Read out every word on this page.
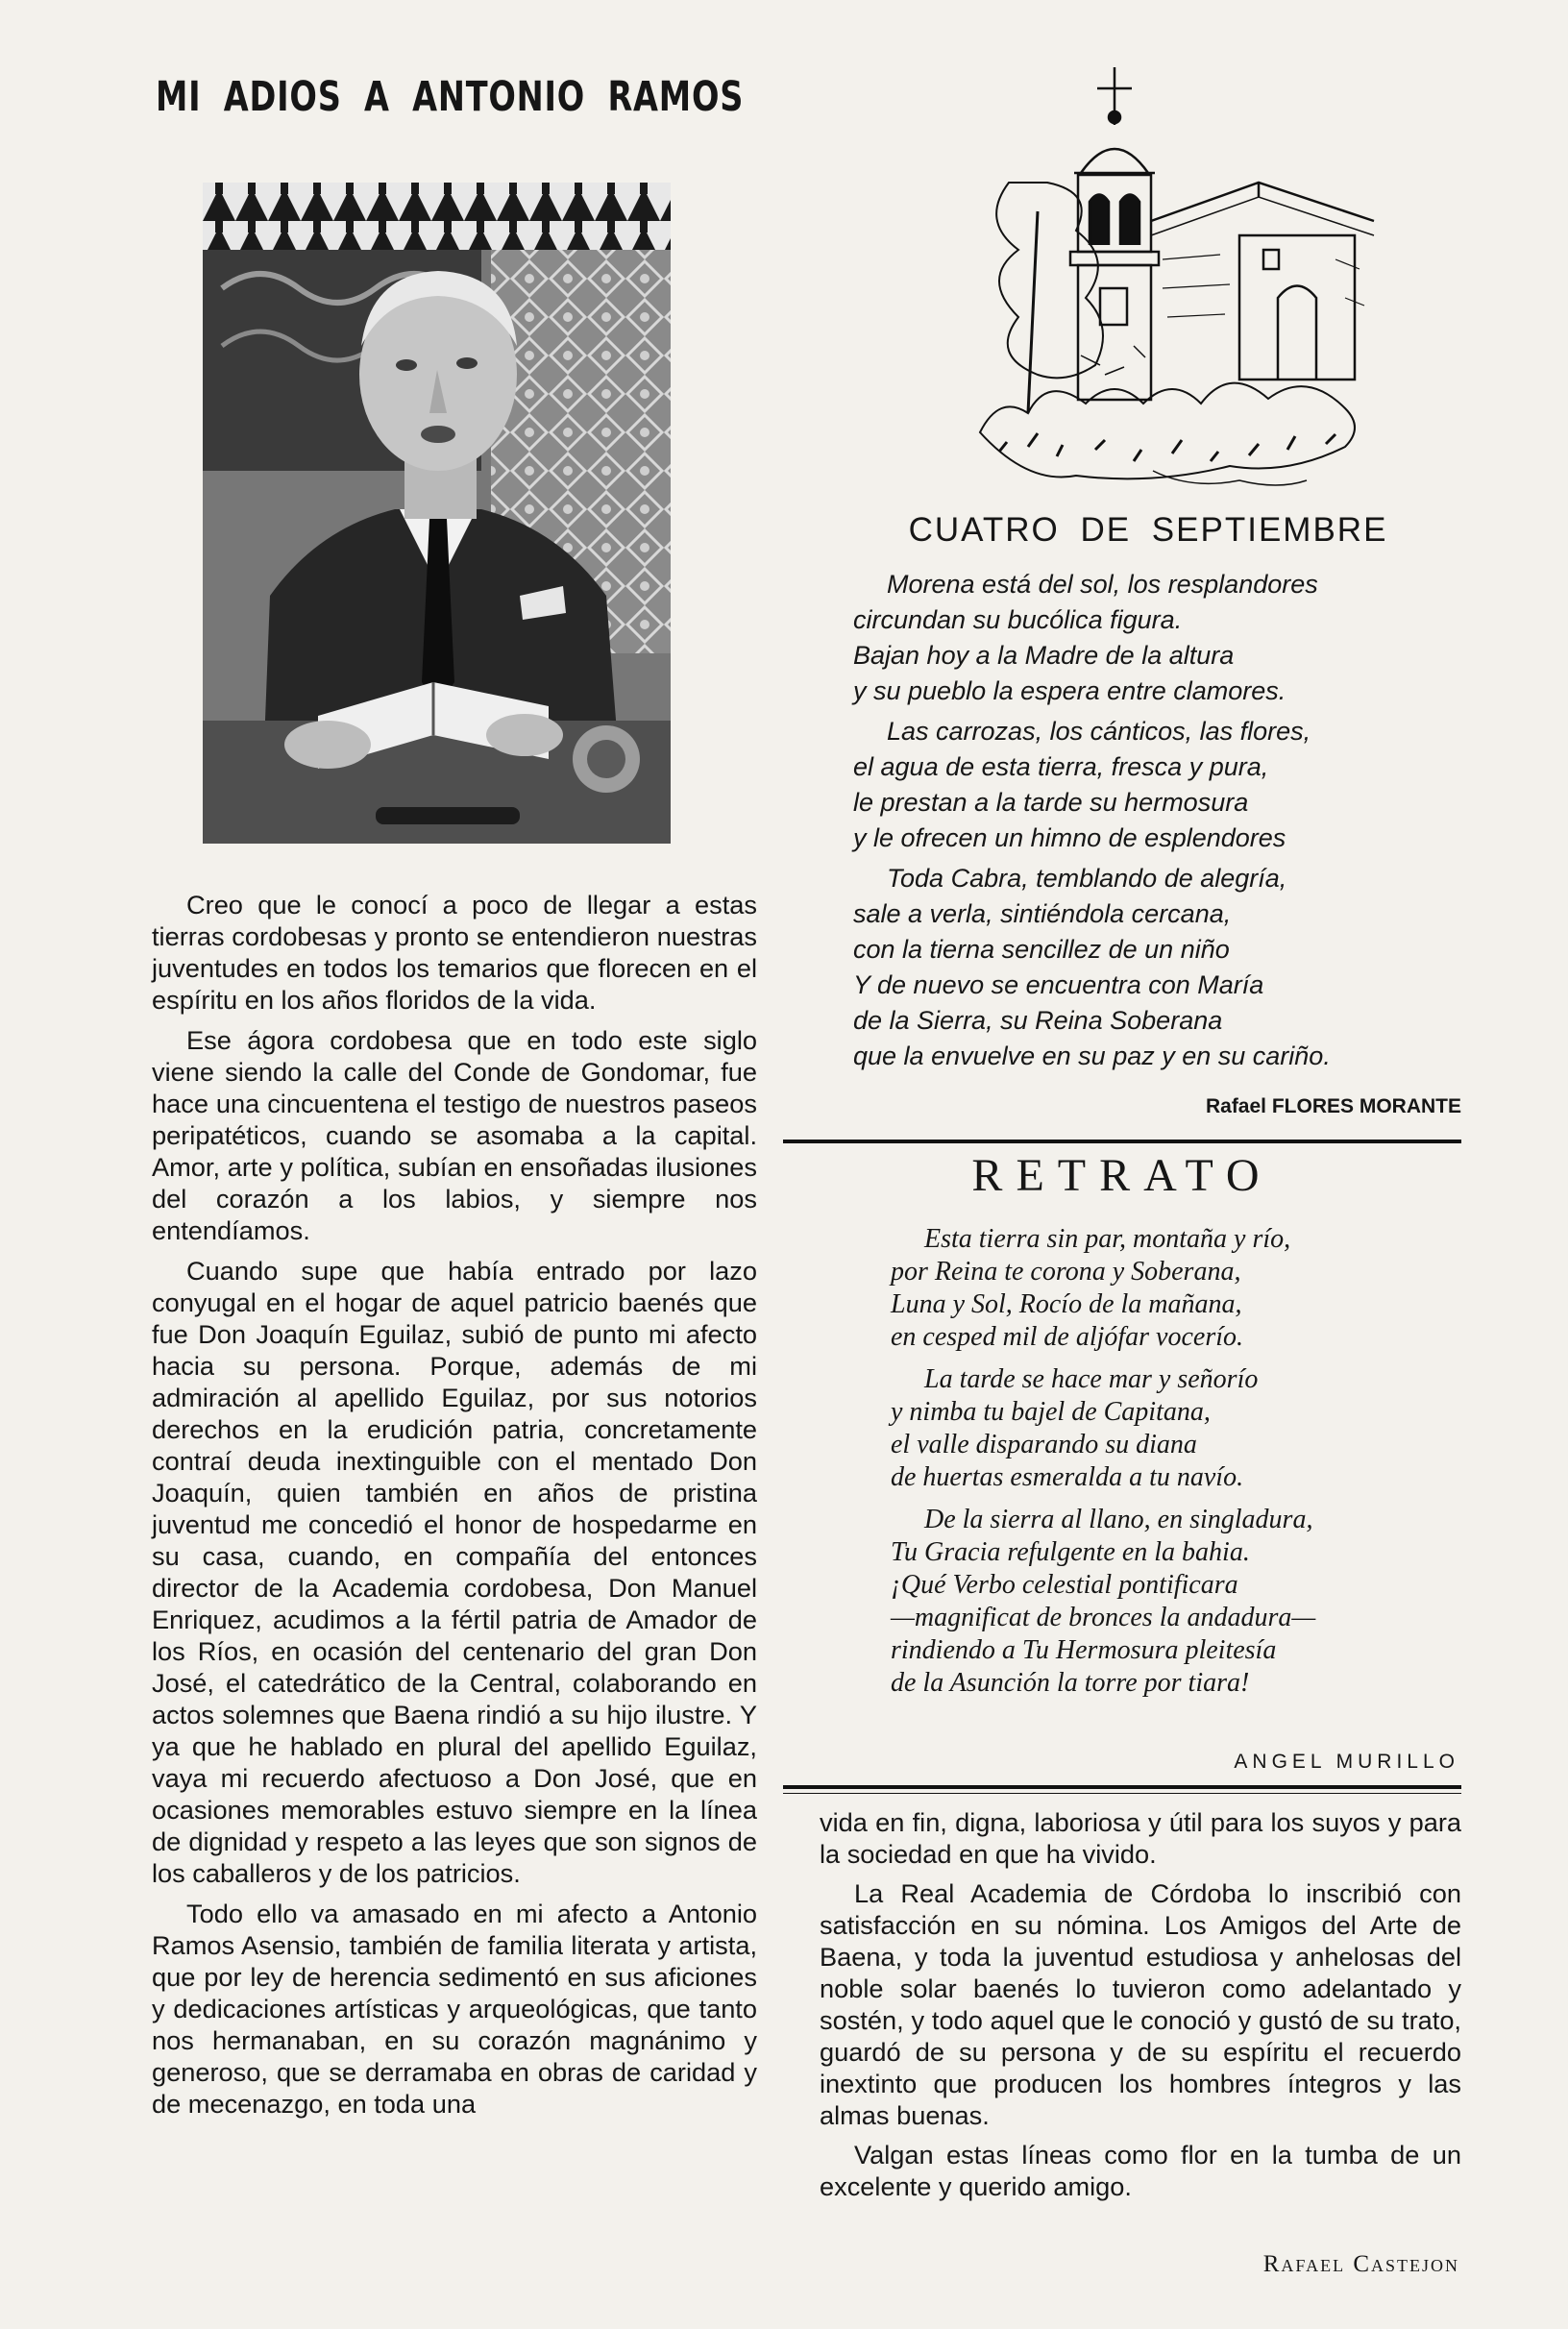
MI ADIOS A ANTONIO RAMOS

Creo que le conocí a poco de llegar a estas tierras cordobesas y pronto se entendieron nuestras juventudes en todos los temarios que florecen en el espíritu en los años floridos de la vida.

Ese ágora cordobesa que en todo este siglo viene siendo la calle del Conde de Gondomar, fue hace una cincuentena el testigo de nuestros paseos peripatéticos, cuando se asomaba a la capital. Amor, arte y política, subían en ensoñadas ilusiones del corazón a los labios, y siempre nos entendíamos.

Cuando supe que había entrado por lazo conyugal en el hogar de aquel patricio baenés que fue Don Joaquín Eguilaz, subió de punto mi afecto hacia su persona. Porque, además de mi admiración al apellido Eguilaz, por sus notorios derechos en la erudición patria, concretamente contraí deuda inextinguible con el mentado Don Joaquín, quien también en años de pristina juventud me concedió el honor de hospedarme en su casa, cuando, en compañía del entonces director de la Academia cordobesa, Don Manuel Enriquez, acudimos a la fértil patria de Amador de los Ríos, en ocasión del centenario del gran Don José, el catedrático de la Central, colaborando en actos solemnes que Baena rindió a su hijo ilustre. Y ya que he hablado en plural del apellido Eguilaz, vaya mi recuerdo afectuoso a Don José, que en ocasiones memorables estuvo siempre en la línea de dignidad y respeto a las leyes que son signos de los caballeros y de los patricios.

Todo ello va amasado en mi afecto a Antonio Ramos Asensio, también de familia literata y artista, que por ley de herencia sedimentó en sus aficiones y dedicaciones artísticas y arqueológicas, que tanto nos hermanaban, en su corazón magnánimo y generoso, que se derramaba en obras de caridad y de mecenazgo, en toda una

CUATRO DE SEPTIEMBRE
Morena está del sol, los resplandores
circundan su bucólica figura.
Bajan hoy a la Madre de la altura
y su pueblo la espera entre clamores.
Las carrozas, los cánticos, las flores,
el agua de esta tierra, fresca y pura,
le prestan a la tarde su hermosura
y le ofrecen un himno de esplendores
Toda Cabra, temblando de alegría,
sale a verla, sintiéndola cercana,
con la tierna sencillez de un niño
Y de nuevo se encuentra con María
de la Sierra, su Reina Soberana
que la envuelve en su paz y en su cariño.
Rafael FLORES MORANTE
RETRATO
Esta tierra sin par, montaña y río,
por Reina te corona y Soberana,
Luna y Sol, Rocío de la mañana,
en cesped mil de aljófar vocerío.
La tarde se hace mar y señorío
y nimba tu bajel de Capitana,
el valle disparando su diana
de huertas esmeralda a tu navío.
De la sierra al llano, en singladura,
Tu Gracia refulgente en la bahia.
¡Qué Verbo celestial pontificara
—magnificat de bronces la andadura—
rindiendo a Tu Hermosura pleitesía
de la Asunción la torre por tiara!
ANGEL MURILLO

vida en fin, digna, laboriosa y útil para los suyos y para la sociedad en que ha vivido.

La Real Academia de Córdoba lo inscribió con satisfacción en su nómina. Los Amigos del Arte de Baena, y toda la juventud estudiosa y anhelosas del noble solar baenés lo tuvieron como adelantado y sostén, y todo aquel que le conoció y gustó de su trato, guardó de su persona y de su espíritu el recuerdo inextinto que producen los hombres íntegros y las almas buenas.

Valgan estas líneas como flor en la tumba de un excelente y querido amigo.

Rafael Castejon
